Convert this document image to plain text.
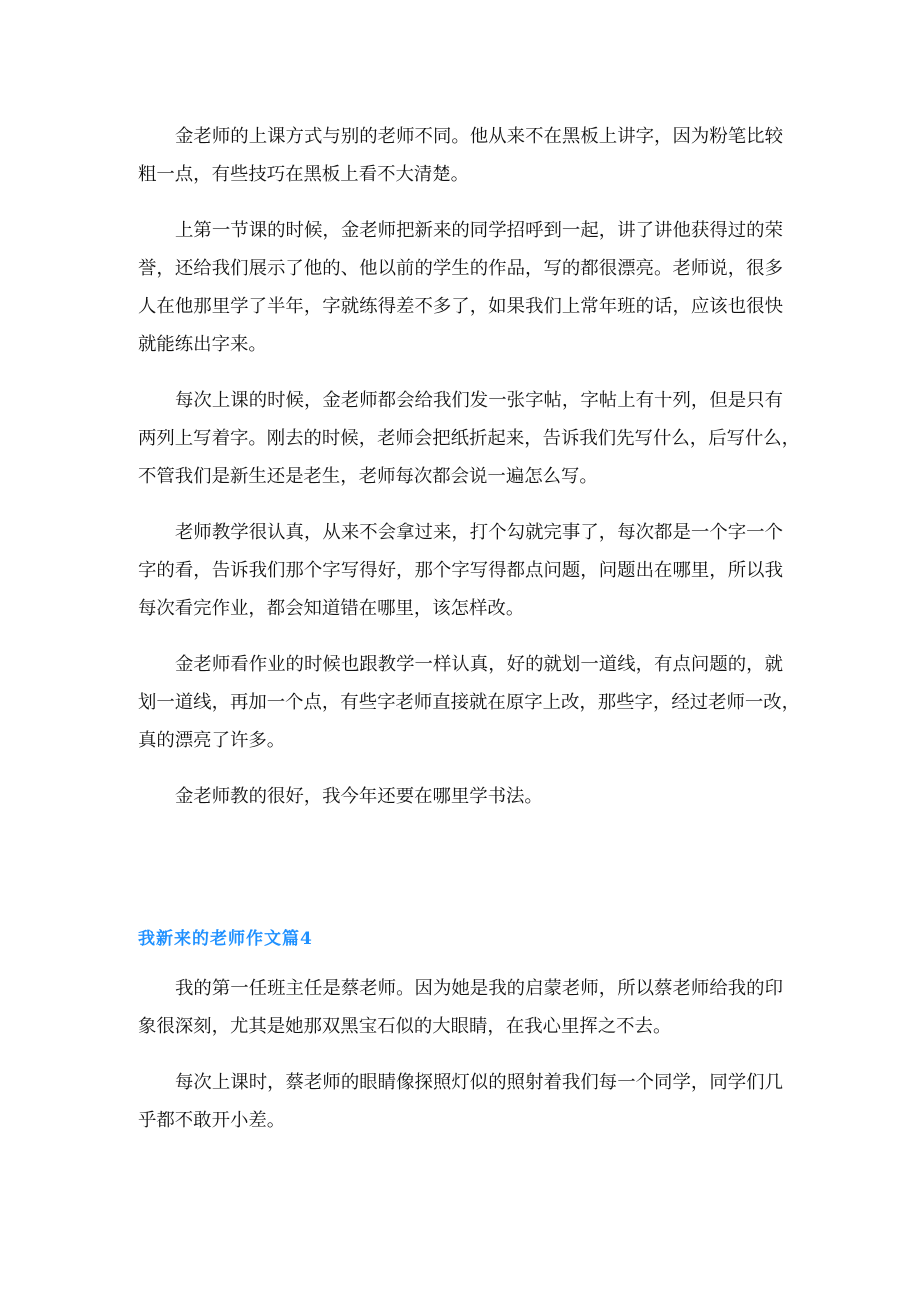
金老师的上课方式与别的老师不同。他从来不在黑板上讲字，因为粉笔比较
粗一点，有些技巧在黑板上看不大清楚。
上第一节课的时候，金老师把新来的同学招呼到一起，讲了讲他获得过的荣
誉，还给我们展示了他的、他以前的学生的作品，写的都很漂亮。老师说，很多
人在他那里学了半年，字就练得差不多了，如果我们上常年班的话，应该也很快
就能练出字来。
每次上课的时候，金老师都会给我们发一张字帖，字帖上有十列，但是只有
两列上写着字。刚去的时候，老师会把纸折起来，告诉我们先写什么，后写什么，
不管我们是新生还是老生，老师每次都会说一遍怎么写。
老师教学很认真，从来不会拿过来，打个勾就完事了，每次都是一个字一个
字的看，告诉我们那个字写得好，那个字写得都点问题，问题出在哪里，所以我
每次看完作业，都会知道错在哪里，该怎样改。
金老师看作业的时候也跟教学一样认真，好的就划一道线，有点问题的，就
划一道线，再加一个点，有些字老师直接就在原字上改，那些字，经过老师一改，
真的漂亮了许多。
金老师教的很好，我今年还要在哪里学书法。
我新来的老师作文篇4
我的第一任班主任是蔡老师。因为她是我的启蒙老师，所以蔡老师给我的印
象很深刻，尤其是她那双黑宝石似的大眼睛，在我心里挥之不去。
每次上课时，蔡老师的眼睛像探照灯似的照射着我们每一个同学，同学们几
乎都不敢开小差。
